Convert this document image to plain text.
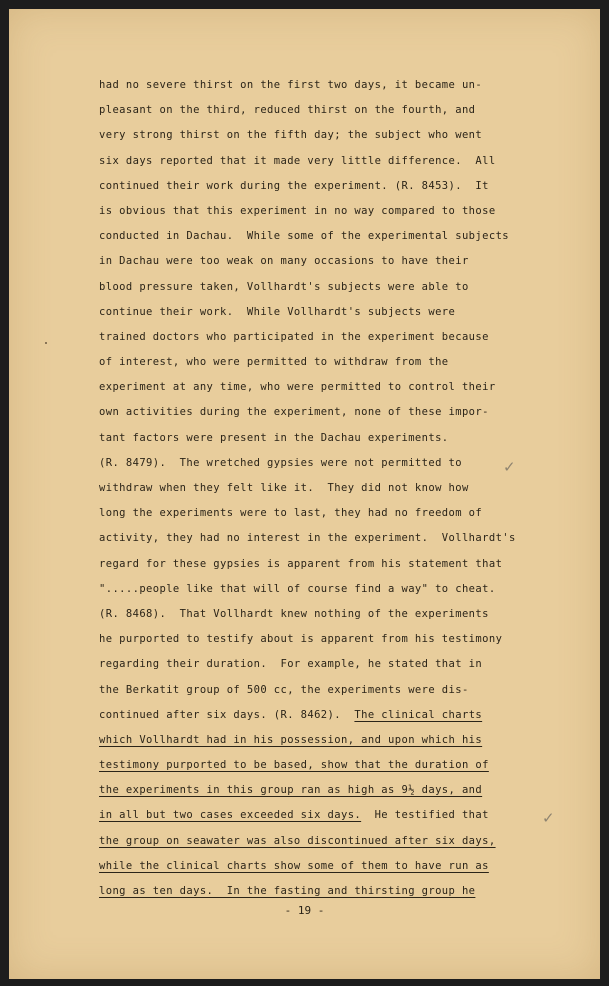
had no severe thirst on the first two days, it became un-
pleasant on the third, reduced thirst on the fourth, and
very strong thirst on the fifth day; the subject who went
six days reported that it made very little difference.  All
continued their work during the experiment. (R. 8453).  It
is obvious that this experiment in no way compared to those
conducted in Dachau.  While some of the experimental subjects
in Dachau were too weak on many occasions to have their
blood pressure taken, Vollhardt's subjects were able to
continue their work.  While Vollhardt's subjects were
trained doctors who participated in the experiment because
of interest, who were permitted to withdraw from the
experiment at any time, who were permitted to control their
own activities during the experiment, none of these impor-
tant factors were present in the Dachau experiments.
(R. 8479).  The wretched gypsies were not permitted to
withdraw when they felt like it.  They did not know how
long the experiments were to last, they had no freedom of
activity, they had no interest in the experiment.  Vollhardt's
regard for these gypsies is apparent from his statement that
".....people like that will of course find a way" to cheat.
(R. 8468).  That Vollhardt knew nothing of the experiments
he purported to testify about is apparent from his testimony
regarding their duration.  For example, he stated that in
the Berkatit group of 500 cc, the experiments were dis-
continued after six days. (R. 8462).  The clinical charts
which Vollhardt had in his possession, and upon which his
testimony purported to be based, show that the duration of
the experiments in this group ran as high as 9½ days, and
in all but two cases exceeded six days.  He testified that
the group on seawater was also discontinued after six days,
while the clinical charts show some of them to have run as
long as ten days.  In the fasting and thirsting group he
- 19 -
✓
✓
